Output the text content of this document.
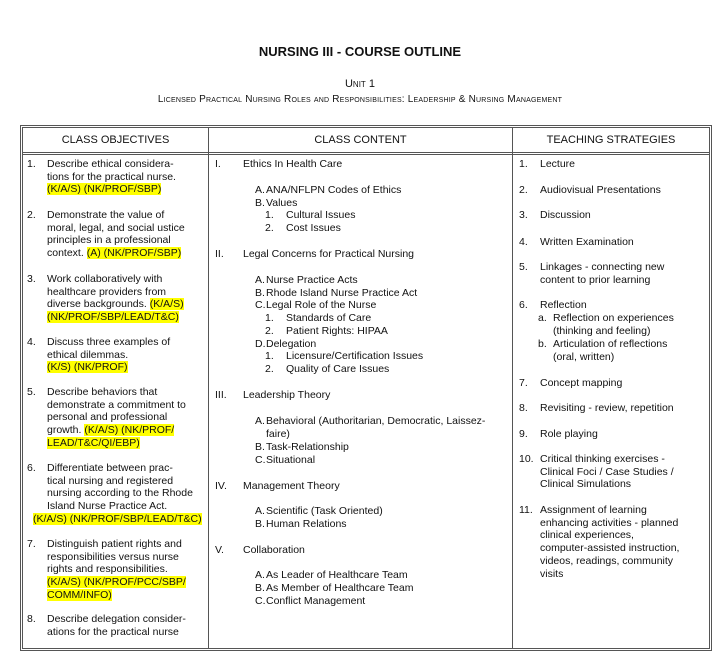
NURSING III - COURSE OUTLINE
Unit 1
Licensed Practical Nursing Roles and Responsibilities: Leadership & Nursing Management
CLASS OBJECTIVES	CLASS CONTENT	TEACHING STRATEGIES
1. Describe ethical considera-
tions for the practical nurse.
(K/A/S) (NK/PROF/SBP)
2. Demonstrate the value of
moral, legal, and social ustice
principles in a professional
context. (A) (NK/PROF/SBP)
3. Work collaboratively with
healthcare providers from
diverse backgrounds. (K/A/S)
(NK/PROF/SBP/LEAD/T&C)
4. Discuss three examples of
ethical dilemmas.
(K/S) (NK/PROF)
5. Describe behaviors that
demonstrate a commitment to
personal and professional
growth. (K/A/S) (NK/PROF/
LEAD/T&C/QI/EBP)
6. Differentiate between prac-
tical nursing and registered
nursing according to the Rhode
Island Nurse Practice Act.
(K/A/S) (NK/PROF/SBP/LEAD/T&C)
7. Distinguish patient rights and
responsibilities versus nurse
rights and responsibilities.
(K/A/S) (NK/PROF/PCC/SBP/
COMM/INFO)
8. Describe delegation consider-
ations for the practical nurse
I. Ethics In Health Care
A. ANA/NFLPN Codes of Ethics
B. Values
1. Cultural Issues
2. Cost Issues
II. Legal Concerns for Practical Nursing
A. Nurse Practice Acts
B. Rhode Island Nurse Practice Act
C. Legal Role of the Nurse
1. Standards of Care
2. Patient Rights: HIPAA
D. Delegation
1. Licensure/Certification Issues
2. Quality of Care Issues
III. Leadership Theory
A. Behavioral (Authoritarian, Democratic, Laissez-
faire)
B. Task-Relationship
C. Situational
IV. Management Theory
A. Scientific (Task Oriented)
B. Human Relations
V. Collaboration
A. As Leader of Healthcare Team
B. As Member of Healthcare Team
C. Conflict Management
1. Lecture
2. Audiovisual Presentations
3. Discussion
4. Written Examination
5. Linkages - connecting new
content to prior learning
6. Reflection
a. Reflection on experiences
(thinking and feeling)
b. Articulation of reflections
(oral, written)
7. Concept mapping
8. Revisiting - review, repetition
9. Role playing
10. Critical thinking exercises -
Clinical Foci / Case Studies /
Clinical Simulations
11. Assignment of learning
enhancing activities - planned
clinical experiences,
computer-assisted instruction,
videos, readings, community
visits
